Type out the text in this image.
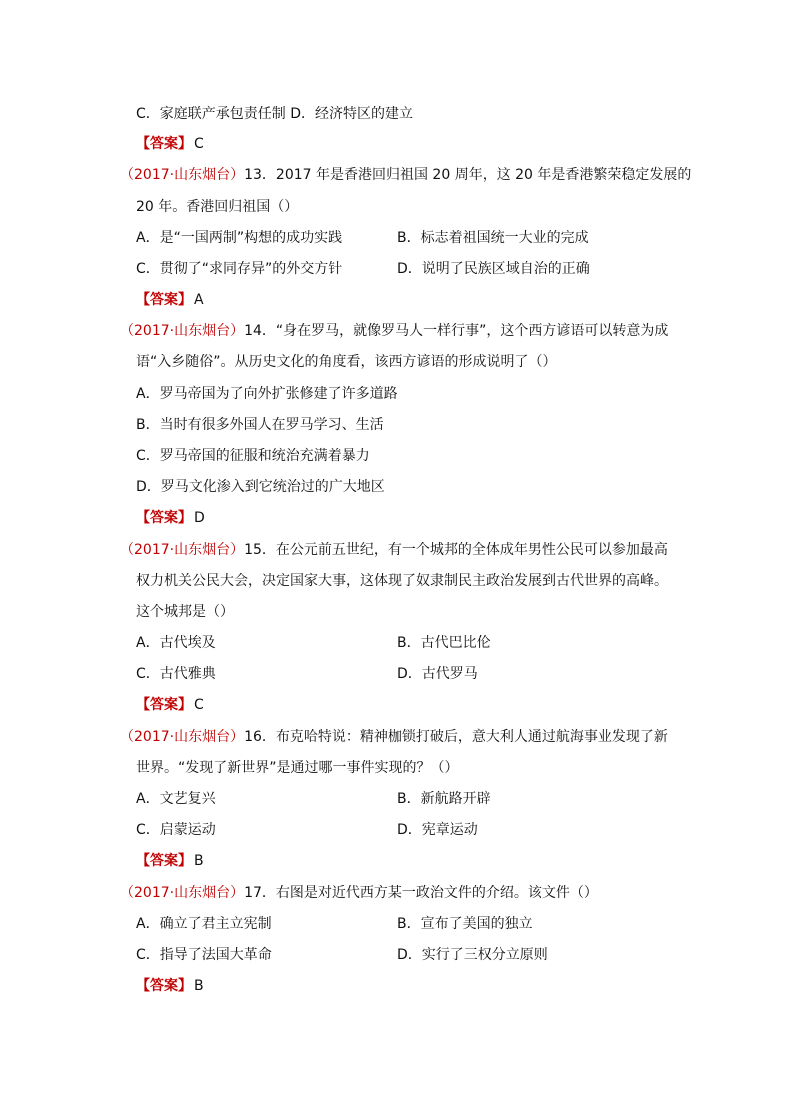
C．家庭联产承包责任制 D．经济特区的建立
【答案】 C
（2017·山东烟台）13．2017 年是香港回归祖国 20 周年，这 20 年是香港繁荣稳定发展的
20 年。香港回归祖国（）
A．是“一国两制”构想的成功实践	B．标志着祖国统一大业的完成
C．贯彻了“求同存异”的外交方针	D．说明了民族区域自治的正确
【答案】 A
（2017·山东烟台）14．“身在罗马，就像罗马人一样行事”，这个西方谚语可以转意为成
语“入乡随俗”。从历史文化的角度看，该西方谚语的形成说明了（）
A．罗马帝国为了向外扩张修建了许多道路
B．当时有很多外国人在罗马学习、生活
C．罗马帝国的征服和统治充满着暴力
D．罗马文化渗入到它统治过的广大地区
【答案】 D
（2017·山东烟台）15．在公元前五世纪，有一个城邦的全体成年男性公民可以参加最高
权力机关公民大会，决定国家大事，这体现了奴隶制民主政治发展到古代世界的高峰。
这个城邦是（）
A．古代埃及	B．古代巴比伦
C．古代雅典	D．古代罗马
【答案】 C
（2017·山东烟台）16．布克哈特说：精神枷锁打破后，意大利人通过航海事业发现了新
世界。“发现了新世界”是通过哪一事件实现的？（）
A．文艺复兴	B．新航路开辟
C．启蒙运动	D．宪章运动
【答案】 B
（2017·山东烟台）17．右图是对近代西方某一政治文件的介绍。该文件（）
A．确立了君主立宪制	B．宣布了美国的独立
C．指导了法国大革命	D．实行了三权分立原则
【答案】 B
